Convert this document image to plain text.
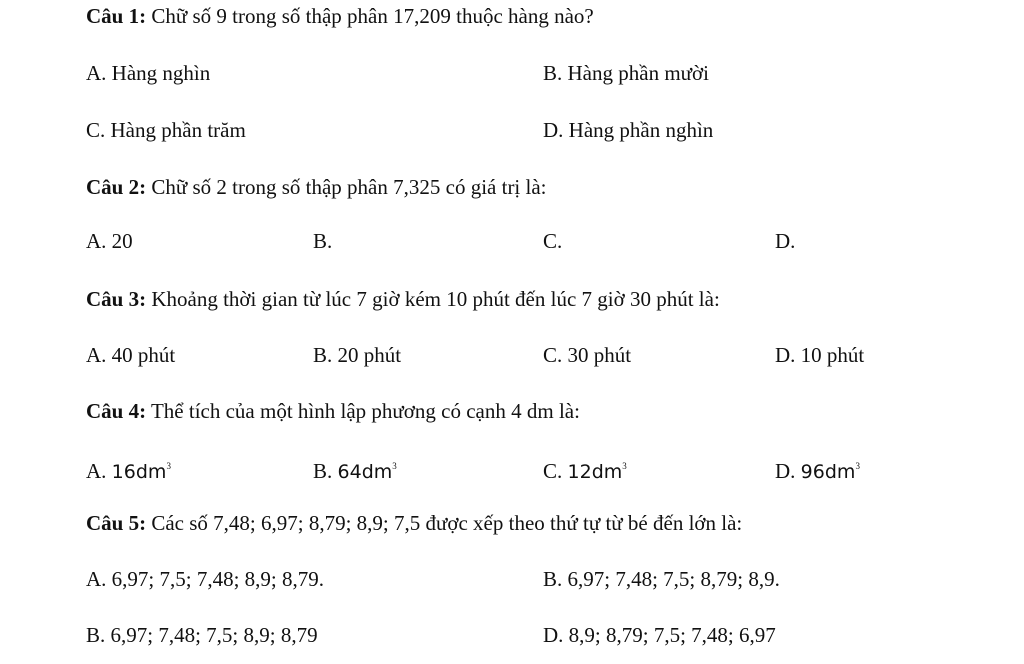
Câu 1: Chữ số 9 trong số thập phân 17,209 thuộc hàng nào?
A. Hàng nghìn	B. Hàng phần mười
C. Hàng phần trăm	D. Hàng phần nghìn
Câu 2: Chữ số 2 trong số thập phân 7,325 có giá trị là:
A. 20	B.	C.	D.
Câu 3: Khoảng thời gian từ lúc 7 giờ kém 10 phút đến lúc 7 giờ 30 phút là:
A. 40 phút	B. 20 phút	C. 30 phút	D. 10 phút
Câu 4: Thể tích của một hình lập phương có cạnh 4 dm là:
A. $16dm^3$	B. $64dm^3$	C. $12dm^3$	D. $96dm^3$
Câu 5: Các số 7,48; 6,97; 8,79; 8,9; 7,5 được xếp theo thứ tự từ bé đến lớn là:
A. 6,97; 7,5; 7,48; 8,9; 8,79.	B. 6,97; 7,48; 7,5; 8,79; 8,9.
B. 6,97; 7,48; 7,5; 8,9; 8,79	D. 8,9; 8,79; 7,5; 7,48; 6,97
